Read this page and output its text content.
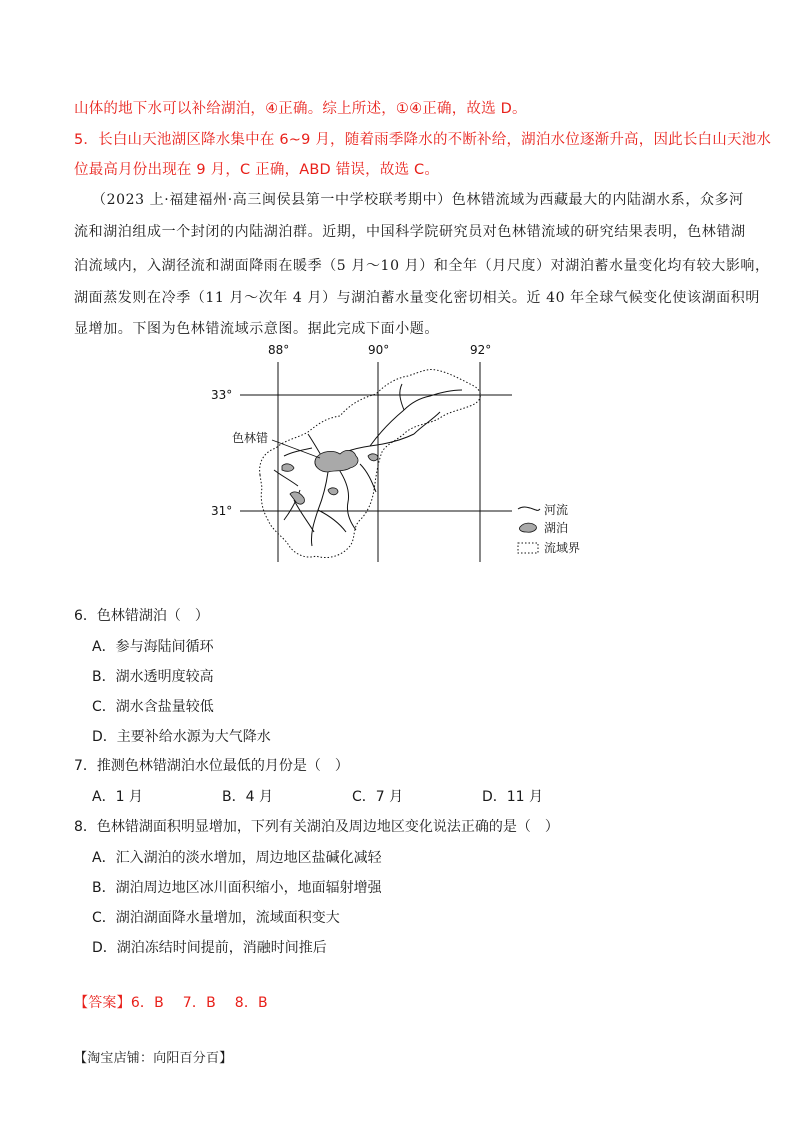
山体的地下水可以补给湖泊，④正确。综上所述，①④正确，故选 D。
5．长白山天池湖区降水集中在 6~9 月，随着雨季降水的不断补给，湖泊水位逐渐升高，因此长白山天池水
位最高月份出现在 9 月，C 正确，ABD 错误，故选 C。
（2023 上·福建福州·高三闽侯县第一中学校联考期中）色林错流域为西藏最大的内陆湖水系，众多河
流和湖泊组成一个封闭的内陆湖泊群。近期，中国科学院研究员对色林错流域的研究结果表明，色林错湖
泊流域内，入湖径流和湖面降雨在暖季（5 月～10 月）和全年（月尺度）对湖泊蓄水量变化均有较大影响，
湖面蒸发则在冷季（11 月～次年 4 月）与湖泊蓄水量变化密切相关。近 40 年全球气候变化使该湖面积明
显增加。下图为色林错流域示意图。据此完成下面小题。
88°	90°	92°
33°
31°
色林错
河流
湖泊
流域界
6．色林错湖泊（　）
A．参与海陆间循环
B．湖水透明度较高
C．湖水含盐量较低
D．主要补给水源为大气降水
7．推测色林错湖泊水位最低的月份是（　）
A．1 月	B．4 月	C．7 月	D．11 月
8．色林错湖面积明显增加，下列有关湖泊及周边地区变化说法正确的是（　）
A．汇入湖泊的淡水增加，周边地区盐碱化减轻
B．湖泊周边地区冰川面积缩小，地面辐射增强
C．湖泊湖面降水量增加，流域面积变大
D．湖泊冻结时间提前，消融时间推后
【答案】6．B　 7．B　 8．B
【淘宝店铺：向阳百分百】
